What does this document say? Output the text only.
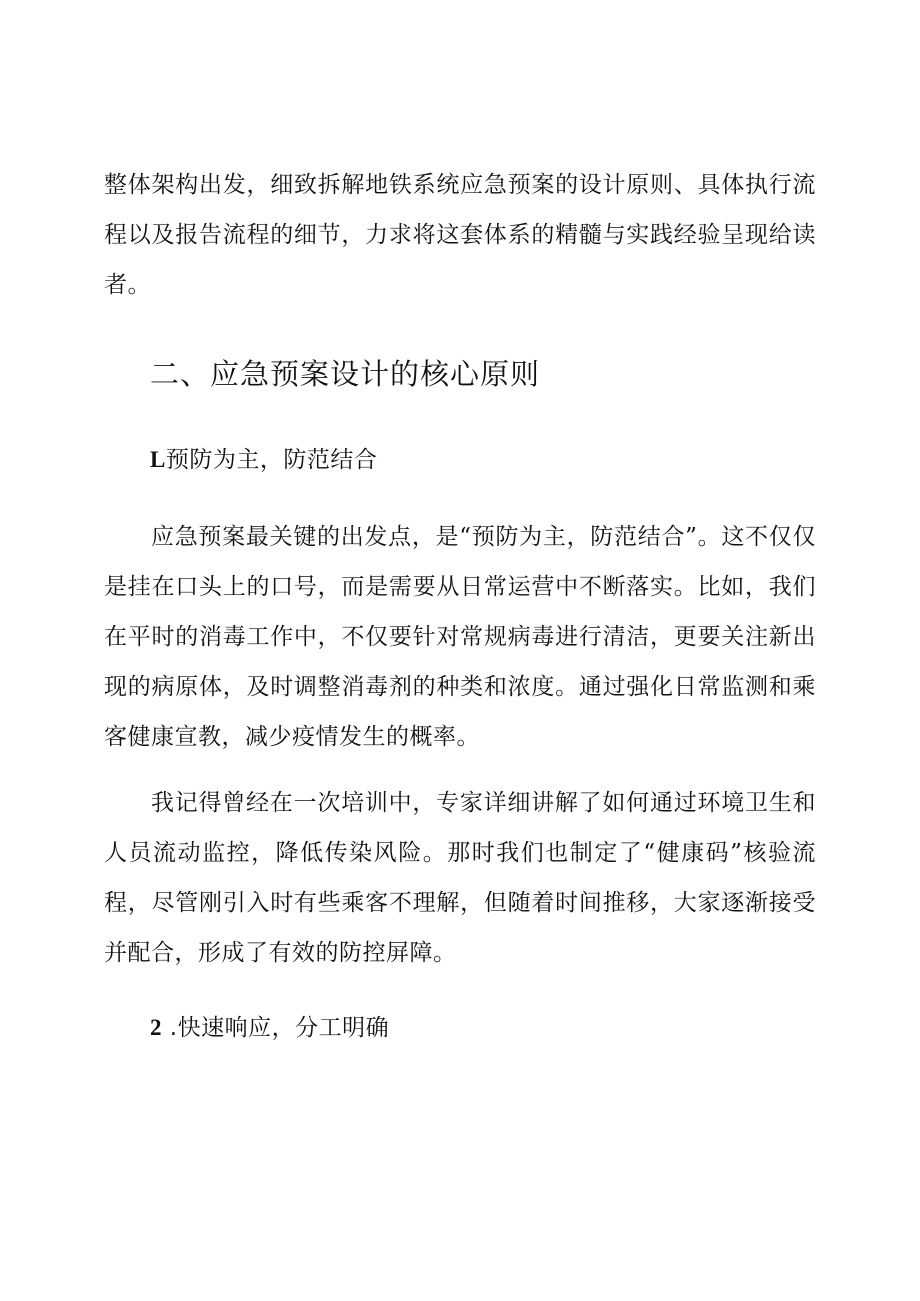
整体架构出发，细致拆解地铁系统应急预案的设计原则、具体执行流程以及报告流程的细节，力求将这套体系的精髓与实践经验呈现给读者。

二、应急预案设计的核心原则
L预防为主，防范结合

应急预案最关键的出发点，是“预防为主，防范结合”。这不仅仅是挂在口头上的口号，而是需要从日常运营中不断落实。比如，我们在平时的消毒工作中，不仅要针对常规病毒进行清洁，更要关注新出现的病原体，及时调整消毒剂的种类和浓度。通过强化日常监测和乘客健康宣教，减少疫情发生的概率。

我记得曾经在一次培训中，专家详细讲解了如何通过环境卫生和人员流动监控，降低传染风险。那时我们也制定了“健康码”核验流程，尽管刚引入时有些乘客不理解，但随着时间推移，大家逐渐接受并配合，形成了有效的防控屏障。

2 .快速响应，分工明确
